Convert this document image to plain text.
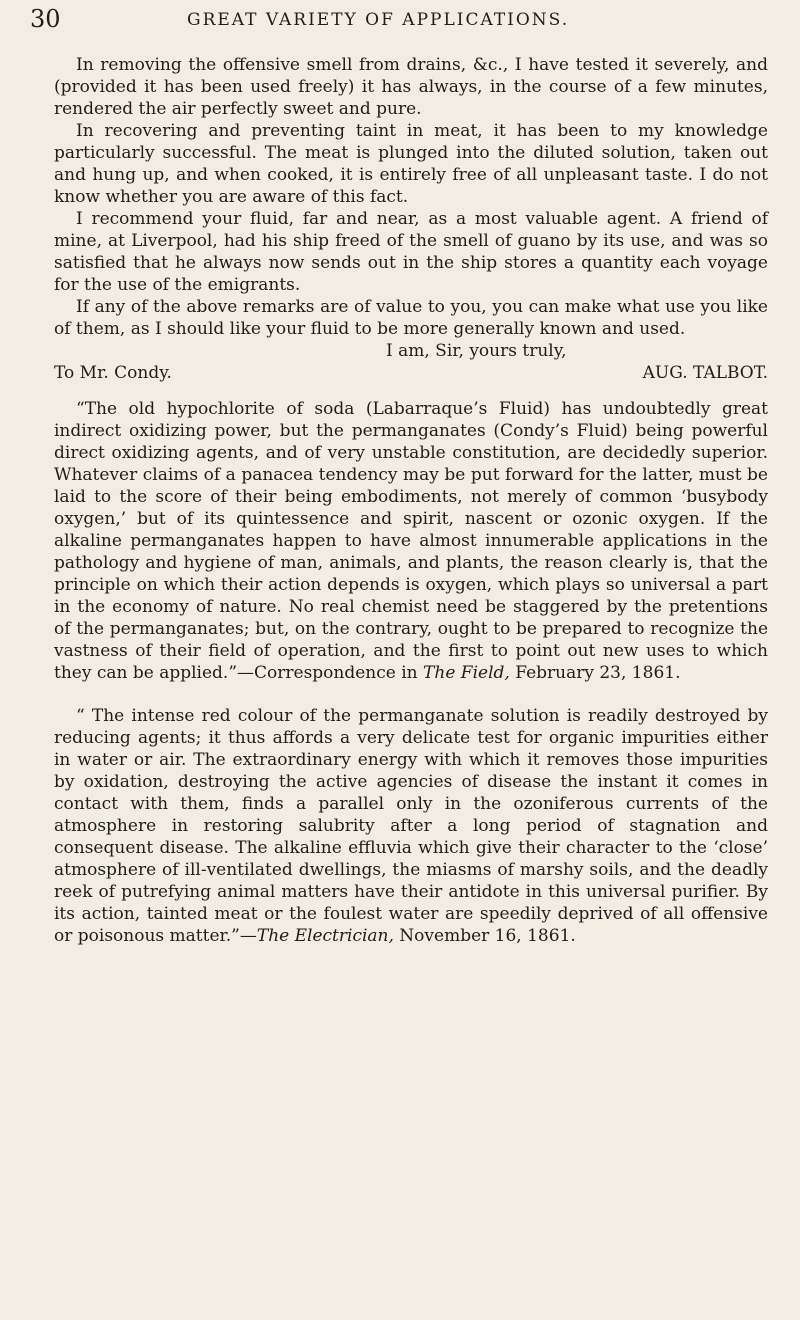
30	GREAT VARIETY OF APPLICATIONS.

In removing the offensive smell from drains, &c., I have tested it severely, and (provided it has been used freely) it has always, in the course of a few minutes, rendered the air perfectly sweet and pure.

In recovering and preventing taint in meat, it has been to my knowledge particularly successful. The meat is plunged into the diluted solution, taken out and hung up, and when cooked, it is entirely free of all unpleasant taste. I do not know whether you are aware of this fact.

I recommend your fluid, far and near, as a most valuable agent. A friend of mine, at Liverpool, had his ship freed of the smell of guano by its use, and was so satisfied that he always now sends out in the ship stores a quantity each voyage for the use of the emigrants.

If any of the above remarks are of value to you, you can make what use you like of them, as I should like your fluid to be more generally known and used.

I am, Sir, yours truly,
To Mr. Condy.	AUG. TALBOT.

“The old hypochlorite of soda (Labarraque’s Fluid) has undoubtedly great indirect oxidizing power, but the permanganates (Condy’s Fluid) being powerful direct oxidizing agents, and of very unstable constitution, are decidedly superior. Whatever claims of a panacea tendency may be put forward for the latter, must be laid to the score of their being embodiments, not merely of common ‘busybody oxygen,’ but of its quintessence and spirit, nascent or ozonic oxygen. If the alkaline permanganates happen to have almost innumerable applications in the pathology and hygiene of man, animals, and plants, the reason clearly is, that the principle on which their action depends is oxygen, which plays so universal a part in the economy of nature. No real chemist need be staggered by the pretentions of the permanganates; but, on the contrary, ought to be prepared to recognize the vastness of their field of operation, and the first to point out new uses to which they can be applied.”—Correspondence in The Field, February 23, 1861.

“ The intense red colour of the permanganate solution is readily destroyed by reducing agents; it thus affords a very delicate test for organic impurities either in water or air. The extraordinary energy with which it removes those impurities by oxidation, destroying the active agencies of disease the instant it comes in contact with them, finds a parallel only in the ozoniferous currents of the atmosphere in restoring salubrity after a long period of stagnation and consequent disease. The alkaline effluvia which give their character to the ‘close’ atmosphere of ill-ventilated dwellings, the miasms of marshy soils, and the deadly reek of putrefying animal matters have their antidote in this universal purifier. By its action, tainted meat or the foulest water are speedily deprived of all offensive or poisonous matter.”—The Electrician, November 16, 1861.
